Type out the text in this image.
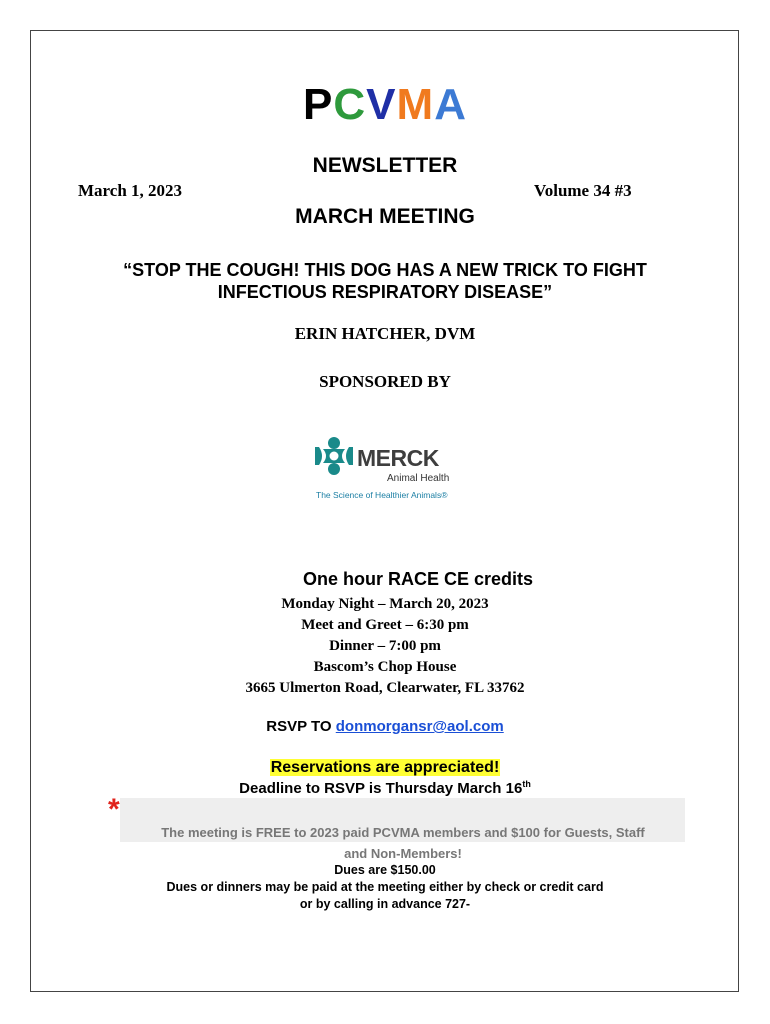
PCVMA
NEWSLETTER
March 1, 2023	Volume 34 #3
MARCH MEETING
“STOP THE COUGH! THIS DOG HAS A NEW TRICK TO FIGHT
INFECTIOUS RESPIRATORY DISEASE”
ERIN HATCHER, DVM
SPONSORED BY
MERCK
Animal Health
The Science of Healthier Animals®
One hour RACE CE credits
Monday Night – March 20, 2023
Meet and Greet – 6:30 pm
Dinner – 7:00 pm
Bascom’s Chop House
3665 Ulmerton Road, Clearwater, FL 33762
RSVP TO donmorgansr@aol.com
Reservations are appreciated!
Deadline to RSVP is Thursday March 16th
*
The meeting is FREE to 2023 paid PCVMA members and $100 for Guests, Staff
and Non-Members!
Dues are $150.00
Dues or dinners may be paid at the meeting either by check or credit card
or by calling in advance 727-
